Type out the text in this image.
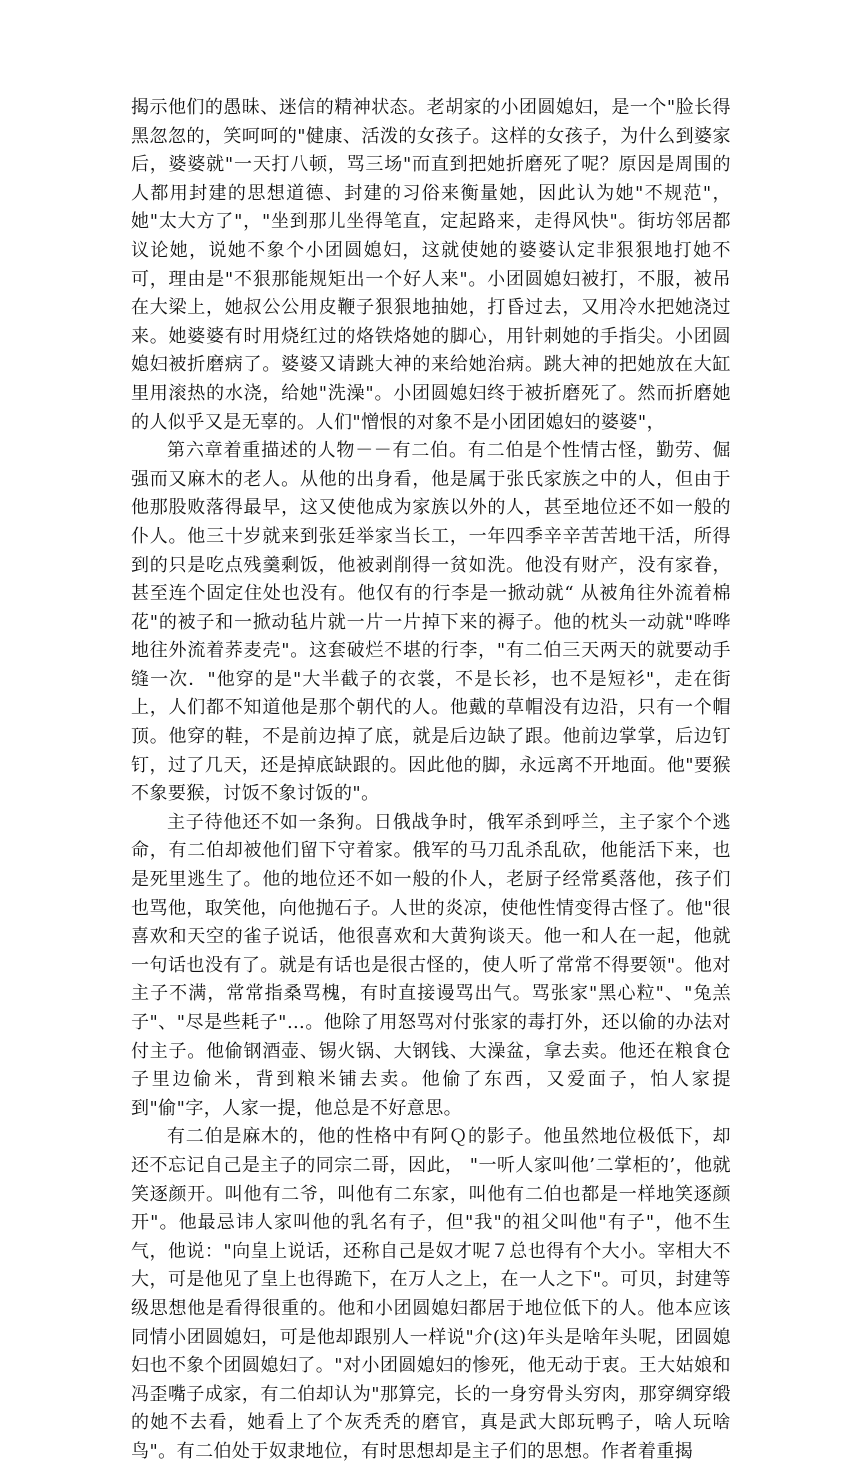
揭示他们的愚昧、迷信的精神状态。老胡家的小团圆媳妇，是一个"脸长得黑忽忽的，笑呵呵的"健康、活泼的女孩子。这样的女孩子，为什么到婆家后，婆婆就"一天打八顿，骂三场"而直到把她折磨死了呢？原因是周围的人都用封建的思想道德、封建的习俗来衡量她，因此认为她"不规范"，她"太大方了"，"坐到那儿坐得笔直，定起路来，走得风快"。街坊邻居都议论她，说她不象个小团圆媳妇，这就使她的婆婆认定非狠狠地打她不可，理由是"不狠那能规矩出一个好人来"。小团圆媳妇被打，不服，被吊在大梁上，她叔公公用皮鞭子狠狠地抽她，打昏过去，又用冷水把她浇过来。她婆婆有时用烧红过的烙铁烙她的脚心，用针刺她的手指尖。小团圆媳妇被折磨病了。婆婆又请跳大神的来给她治病。跳大神的把她放在大缸里用滚热的水浇，给她"洗澡"。小团圆媳妇终于被折磨死了。然而折磨她的人似乎又是无辜的。人们"憎恨的对象不是小团团媳妇的婆婆"，

第六章着重描述的人物－－有二伯。有二伯是个性情古怪，勤劳、倔强而又麻木的老人。从他的出身看，他是属于张氏家族之中的人，但由于他那股败落得最早，这又使他成为家族以外的人，甚至地位还不如一般的仆人。他三十岁就来到张廷举家当长工，一年四季辛辛苦苦地干活，所得到的只是吃点残羹剩饭，他被剥削得一贫如洗。他没有财产，没有家眷，甚至连个固定住处也没有。他仅有的行李是一掀动就“ 从被角往外流着棉花"的被子和一掀动毡片就一片一片掉下来的褥子。他的枕头一动就"哗哗地往外流着荞麦壳"。这套破烂不堪的行李，"有二伯三天两天的就要动手缝一次．"他穿的是"大半截子的衣裳，不是长衫，也不是短衫"，走在街上，人们都不知道他是那个朝代的人。他戴的草帽没有边沿，只有一个帽顶。他穿的鞋，不是前边掉了底，就是后边缺了跟。他前边掌掌，后边钉钉，过了几天，还是掉底缺跟的。因此他的脚，永远离不开地面。他"要猴不象要猴，讨饭不象讨饭的"。

主子待他还不如一条狗。日俄战争时，俄军杀到呼兰，主子家个个逃命，有二伯却被他们留下守着家。俄军的马刀乱杀乱砍，他能活下来，也是死里逃生了。他的地位还不如一般的仆人，老厨子经常奚落他，孩子们也骂他，取笑他，向他抛石子。人世的炎凉，使他性情变得古怪了。他"很喜欢和天空的雀子说话，他很喜欢和大黄狗谈天。他一和人在一起，他就一句话也没有了。就是有话也是很古怪的，使人听了常常不得要领"。他对主子不满，常常指桑骂槐，有时直接谩骂出气。骂张家"黑心粒"、"兔羔子"、"尽是些耗子"…。他除了用怒骂对付张家的毒打外，还以偷的办法对付主子。他偷钢酒壶、锡火锅、大钢钱、大澡盆，拿去卖。他还在粮食仓子里边偷米，背到粮米铺去卖。他偷了东西，又爱面子，怕人家提到"偷"字，人家一提，他总是不好意思。

有二伯是麻木的，他的性格中有阿Ｑ的影子。他虽然地位极低下，却还不忘记自己是主子的同宗二哥，因此， "一听人家叫他’二掌柜的’，他就笑逐颜开。叫他有二爷，叫他有二东家，叫他有二伯也都是一样地笑逐颜开"。他最忌讳人家叫他的乳名有子，但"我"的祖父叫他"有子"，他不生气，他说："向皇上说话，还称自己是奴才呢７总也得有个大小。宰相大不大，可是他见了皇上也得跪下，在万人之上，在一人之下"。可贝，封建等级思想他是看得很重的。他和小团圆媳妇都居于地位低下的人。他本应该同情小团圆媳妇，可是他却跟别人一样说"介(这)年头是啥年头呢，团圆媳妇也不象个团圆媳妇了。"对小团圆媳妇的惨死，他无动于衷。王大姑娘和冯歪嘴子成家，有二伯却认为"那算完，长的一身穷骨头穷肉，那穿绸穿缎的她不去看，她看上了个灰秃秃的磨官，真是武大郎玩鸭子，啥人玩啥鸟"。有二伯处于奴隶地位，有时思想却是主子们的思想。作者着重揭
